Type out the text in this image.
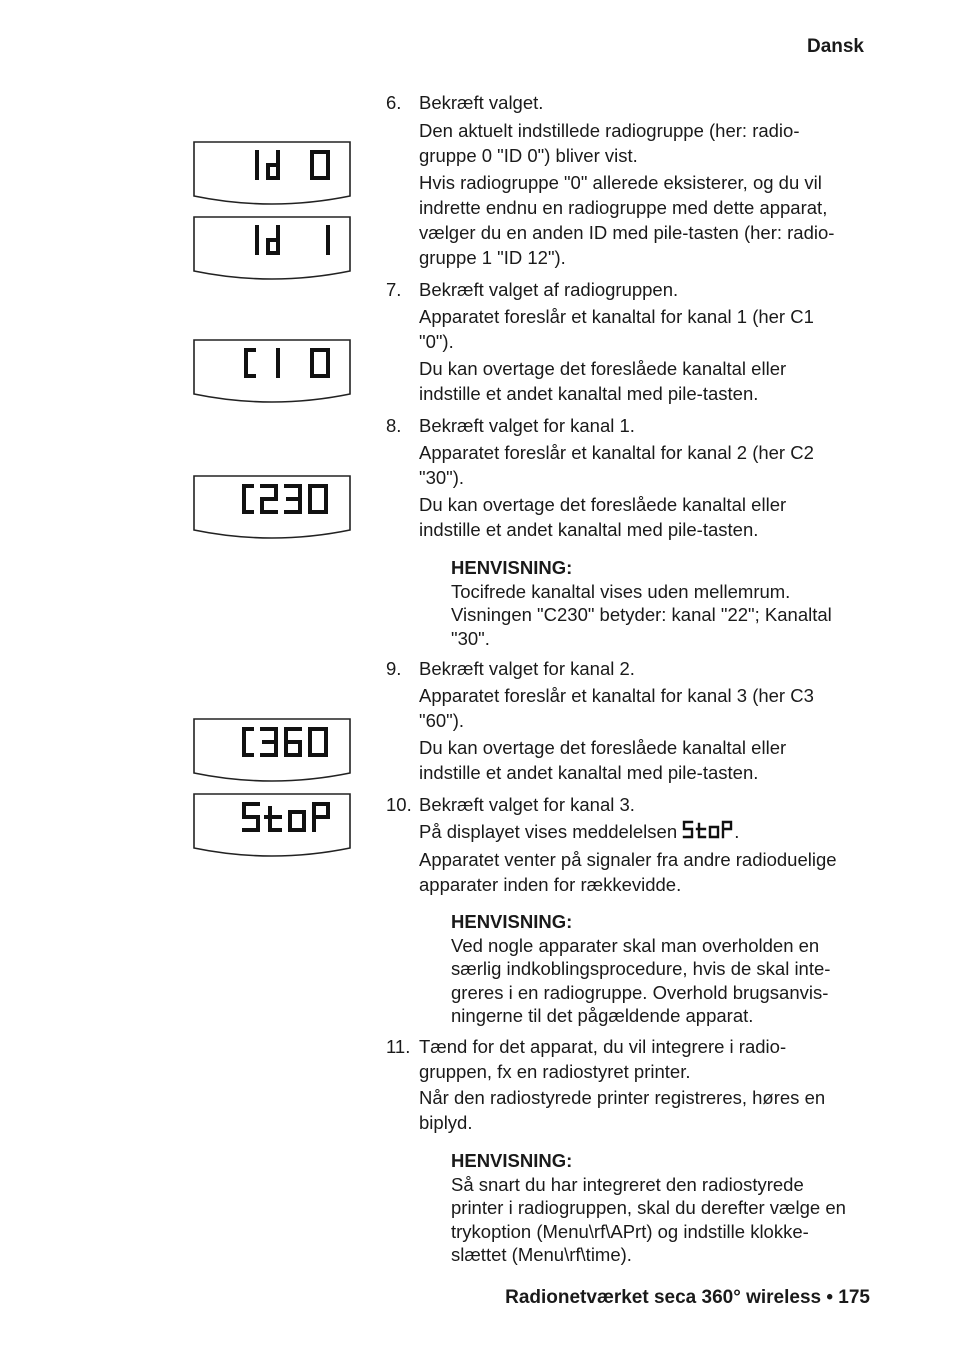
Dansk
Radionetværket seca 360° wireless • 175
Id 0
Id 1
C1 0
C230
C360
StOP
6. Bekræft valget.
Den aktuelt indstillede radiogruppe (her: radio-
gruppe 0 "ID 0") bliver vist.
Hvis radiogruppe "0" allerede eksisterer, og du vil
indrette endnu en radiogruppe med dette apparat,
vælger du en anden ID med pile-tasten (her: radio-
gruppe 1 "ID 12").
7. Bekræft valget af radiogruppen.
Apparatet foreslår et kanaltal for kanal 1 (her C1
"0").
Du kan overtage det foreslåede kanaltal eller
indstille et andet kanaltal med pile-tasten.
8. Bekræft valget for kanal 1.
Apparatet foreslår et kanaltal for kanal 2 (her C2
"30").
Du kan overtage det foreslåede kanaltal eller
indstille et andet kanaltal med pile-tasten.
HENVISNING:
Tocifrede kanaltal vises uden mellemrum.
Visningen "C230" betyder: kanal "22"; Kanaltal
"30".
9. Bekræft valget for kanal 2.
Apparatet foreslår et kanaltal for kanal 3 (her C3
"60").
Du kan overtage det foreslåede kanaltal eller
indstille et andet kanaltal med pile-tasten.
10. Bekræft valget for kanal 3.
På displayet vises meddelelsen	.
Apparatet venter på signaler fra andre radioduelige
apparater inden for rækkevidde.
HENVISNING:
Ved nogle apparater skal man overholden en
særlig indkoblingsprocedure, hvis de skal inte-
greres i en radiogruppe. Overhold brugsanvis-
ningerne til det pågældende apparat.
11. Tænd for det apparat, du vil integrere i radio-
gruppen, fx en radiostyret printer.
Når den radiostyrede printer registreres, høres en
biplyd.
HENVISNING:
Så snart du har integreret den radiostyrede
printer i radiogruppen, skal du derefter vælge en
trykoption (Menu\rf\APrt) og indstille klokke-
slættet (Menu\rf\time).
